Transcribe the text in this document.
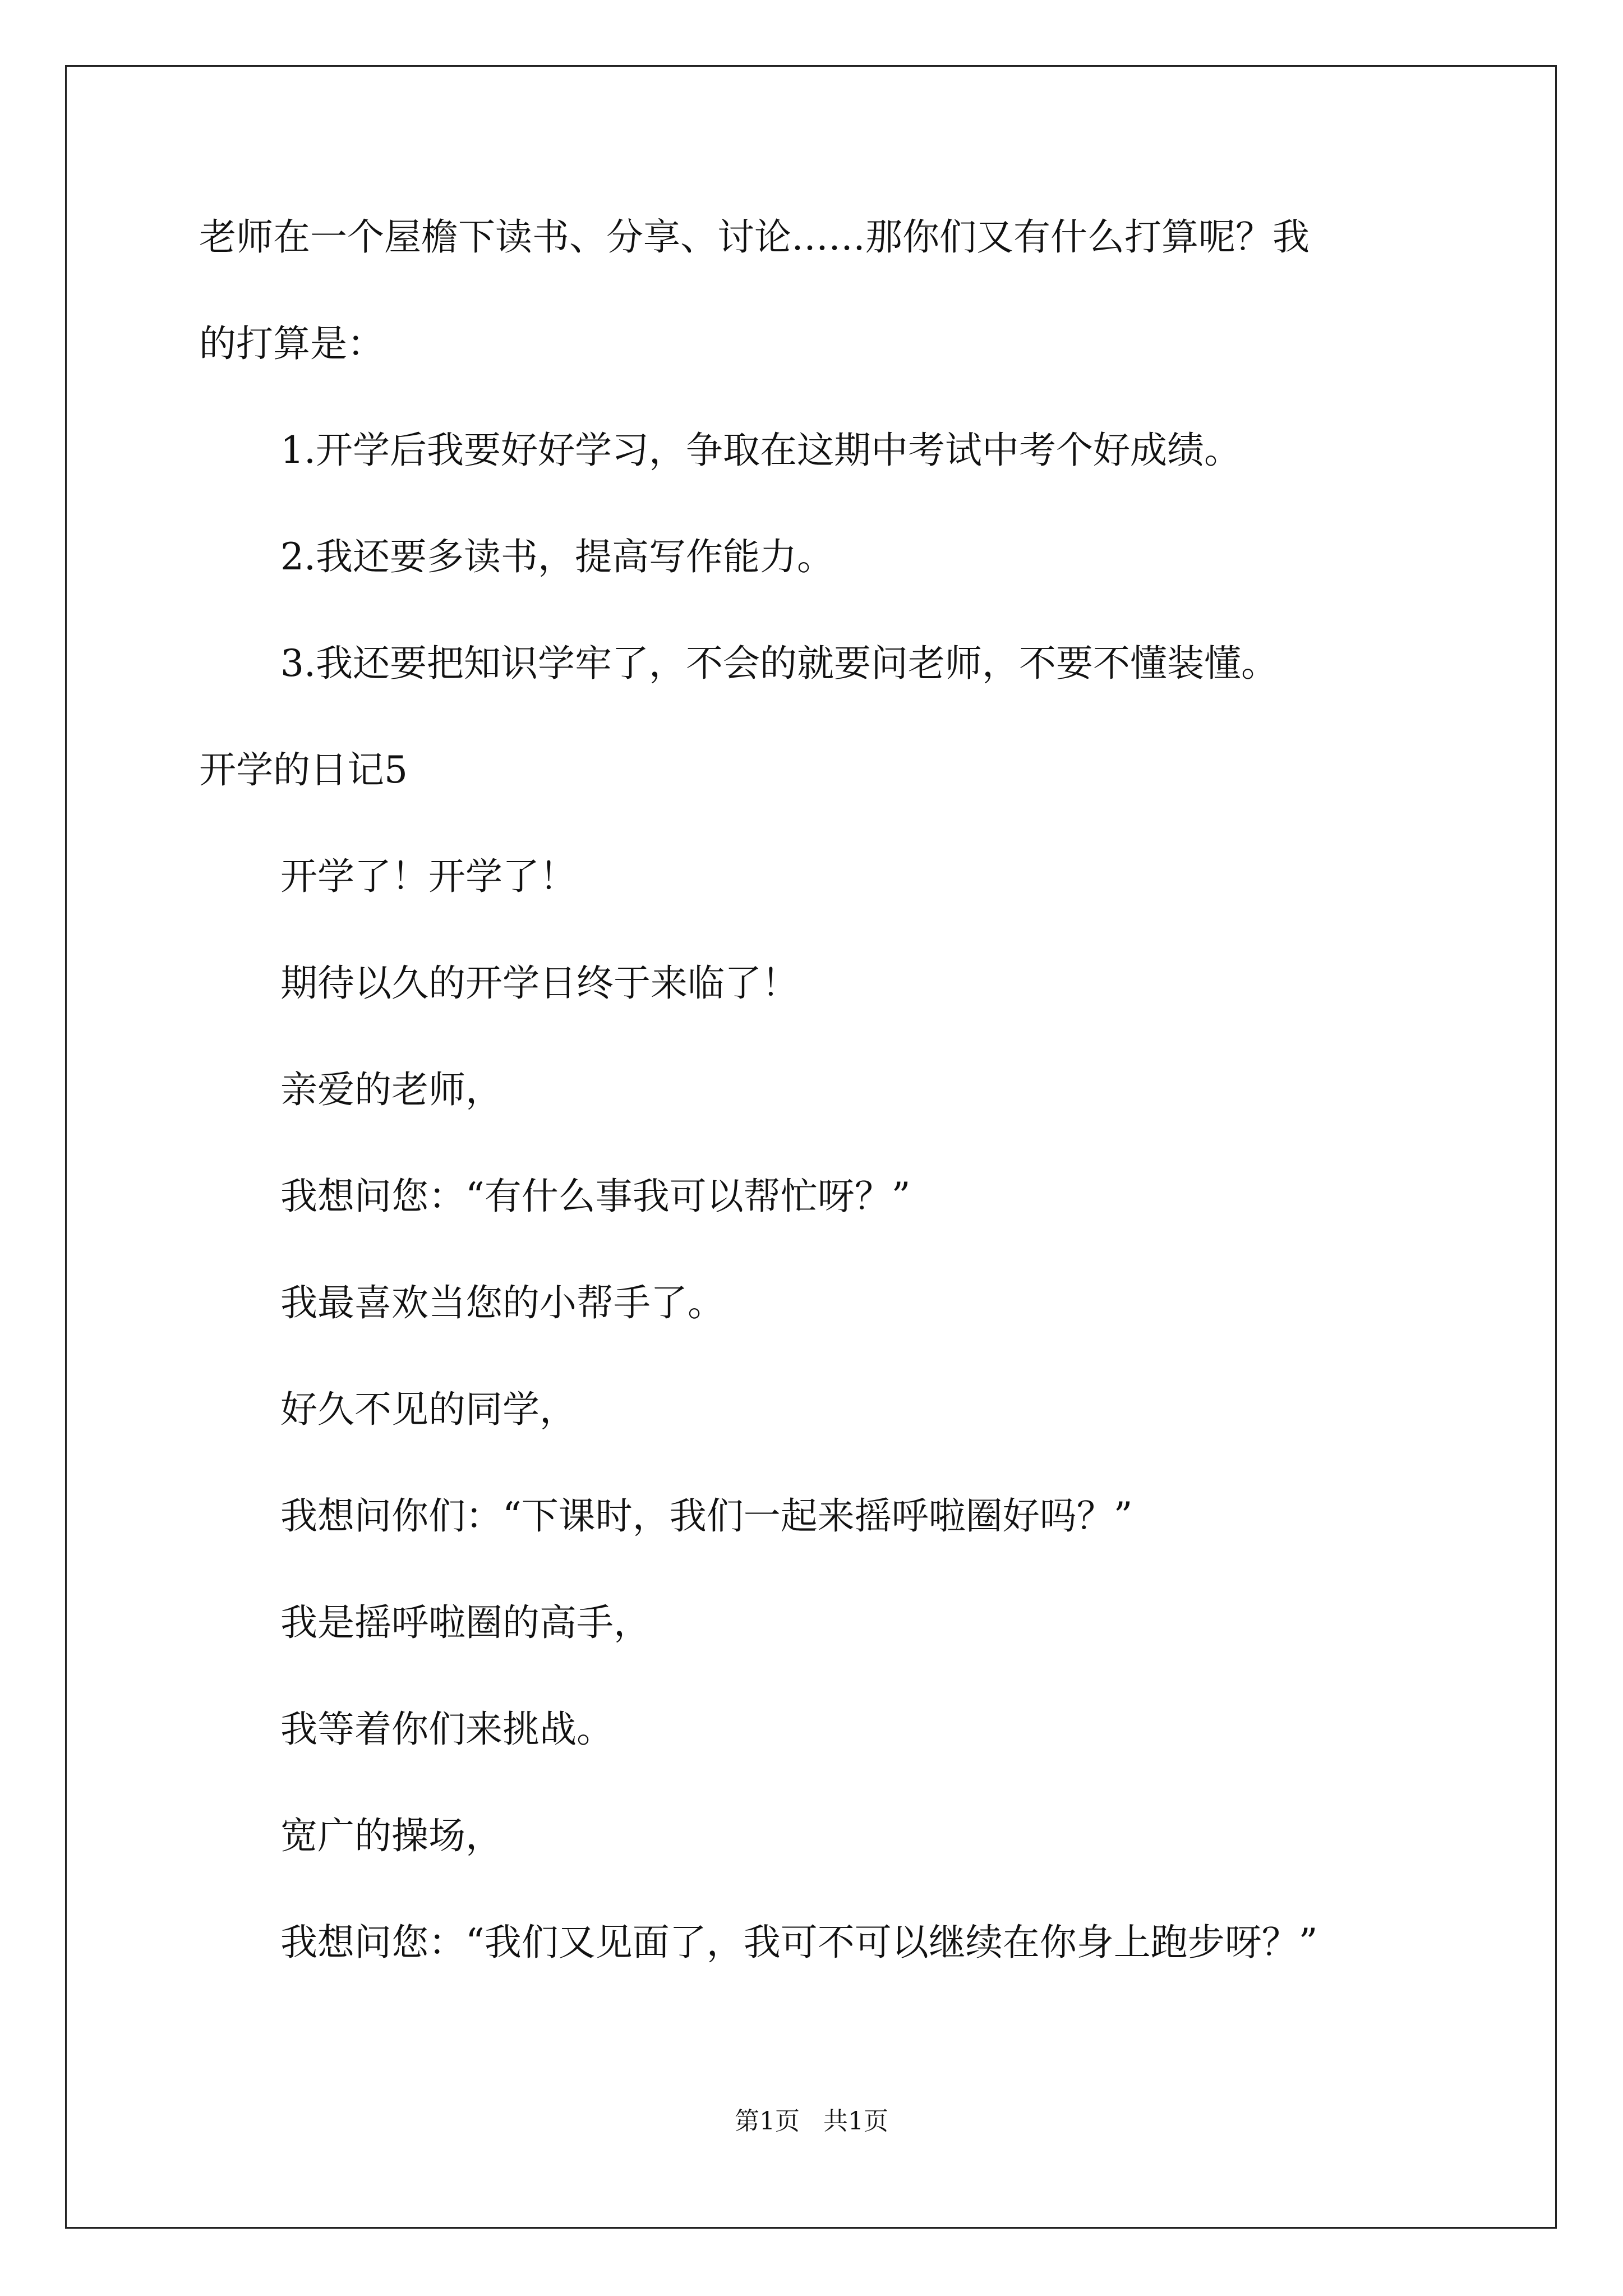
老师在一个屋檐下读书、分享、讨论……那你们又有什么打算呢？我

的打算是：

1.开学后我要好好学习，争取在这期中考试中考个好成绩。

2.我还要多读书，提高写作能力。

3.我还要把知识学牢了，不会的就要问老师，不要不懂装懂。

开学的日记5

开学了！开学了！

期待以久的开学日终于来临了！

亲爱的老师，

我想问您：“有什么事我可以帮忙呀？”

我最喜欢当您的小帮手了。

好久不见的同学，

我想问你们：“下课时，我们一起来摇呼啦圈好吗？”

我是摇呼啦圈的高手，

我等着你们来挑战。

宽广的操场，

我想问您：“我们又见面了，我可不可以继续在你身上跑步呀？”

第1页   共1页
